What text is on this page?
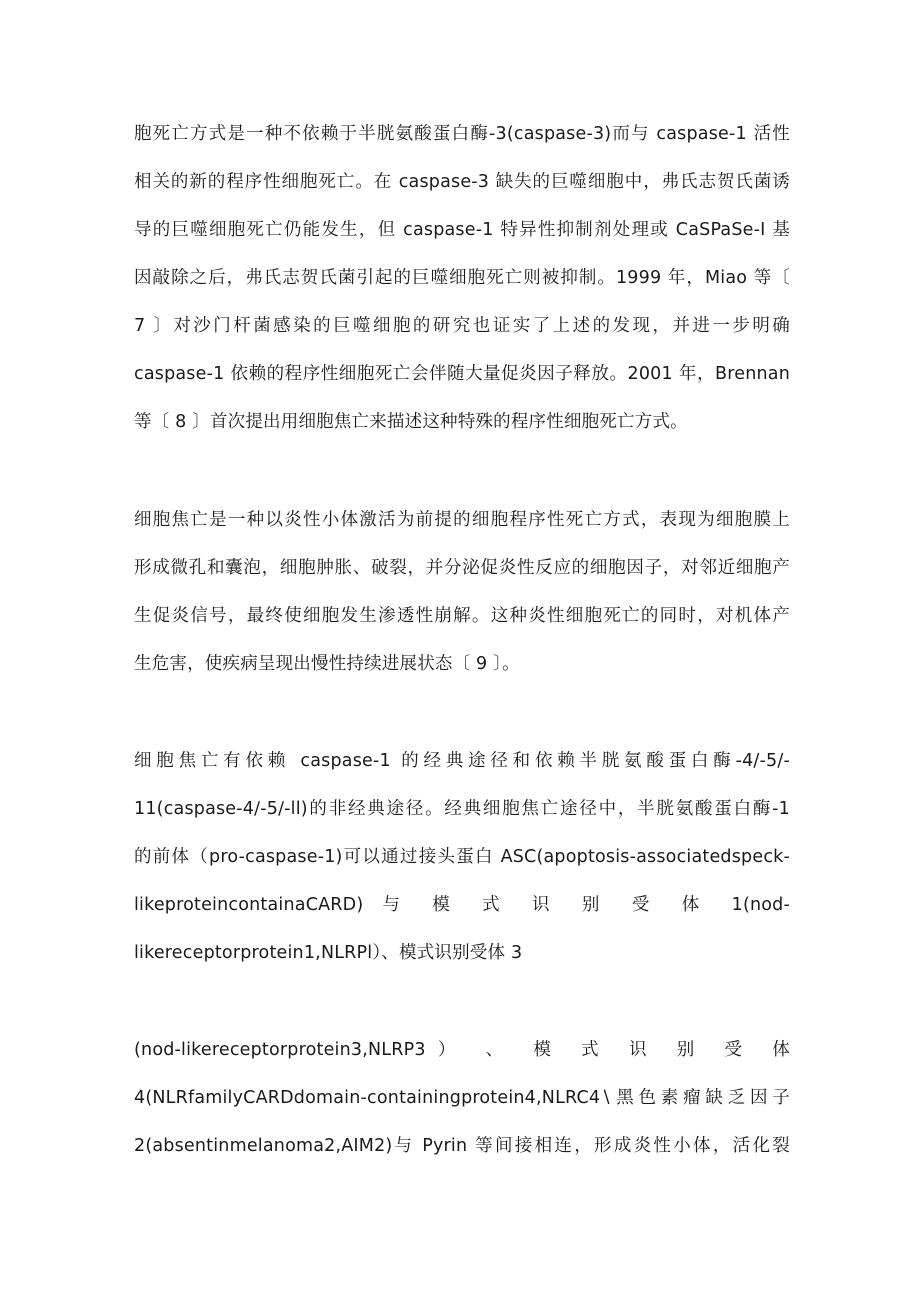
胞死亡方式是一种不依赖于半胱氨酸蛋白酶-3(caspase-3)而与 caspase-1 活性
相关的新的程序性细胞死亡。在 caspase-3 缺失的巨噬细胞中，弗氏志贺氏菌诱
导的巨噬细胞死亡仍能发生，但 caspase-1 特异性抑制剂处理或 CaSPaSe-I 基
因敲除之后，弗氏志贺氏菌引起的巨噬细胞死亡则被抑制。1999 年，Miao 等〔
7 〕对沙门杆菌感染的巨噬细胞的研究也证实了上述的发现，并进一步明确
caspase-1 依赖的程序性细胞死亡会伴随大量促炎因子释放。2001 年，Brennan
等〔 8 〕首次提出用细胞焦亡来描述这种特殊的程序性细胞死亡方式。
细胞焦亡是一种以炎性小体激活为前提的细胞程序性死亡方式，表现为细胞膜上
形成微孔和囊泡，细胞肿胀、破裂，并分泌促炎性反应的细胞因子，对邻近细胞产
生促炎信号，最终使细胞发生渗透性崩解。这种炎性细胞死亡的同时，对机体产
生危害，使疾病呈现出慢性持续进展状态〔 9 〕。
细胞焦亡有依赖 caspase-1 的经典途径和依赖半胱氨酸蛋白酶-4/-5/-
11(caspase-4∕-5∕-ll)的非经典途径。经典细胞焦亡途径中，半胱氨酸蛋白酶-1
的前体（pro-caspase-1)可以通过接头蛋白 ASC(apoptosis-associatedspeck-
likeproteincontainaCARD) 与 模 式 识 别 受 体 1(nod-
likereceptorprotein1,NLRPl）、模式识别受体 3
(nod-likereceptorprotein3,NLRP3） 、 模 式 识 别 受 体
4(NLRfamilyCARDdomain-containingprotein4,NLRC4∖黑色素瘤缺乏因子
2(absentinmelanoma2,AIM2)与 Pyrin 等间接相连，形成炎性小体，活化裂
